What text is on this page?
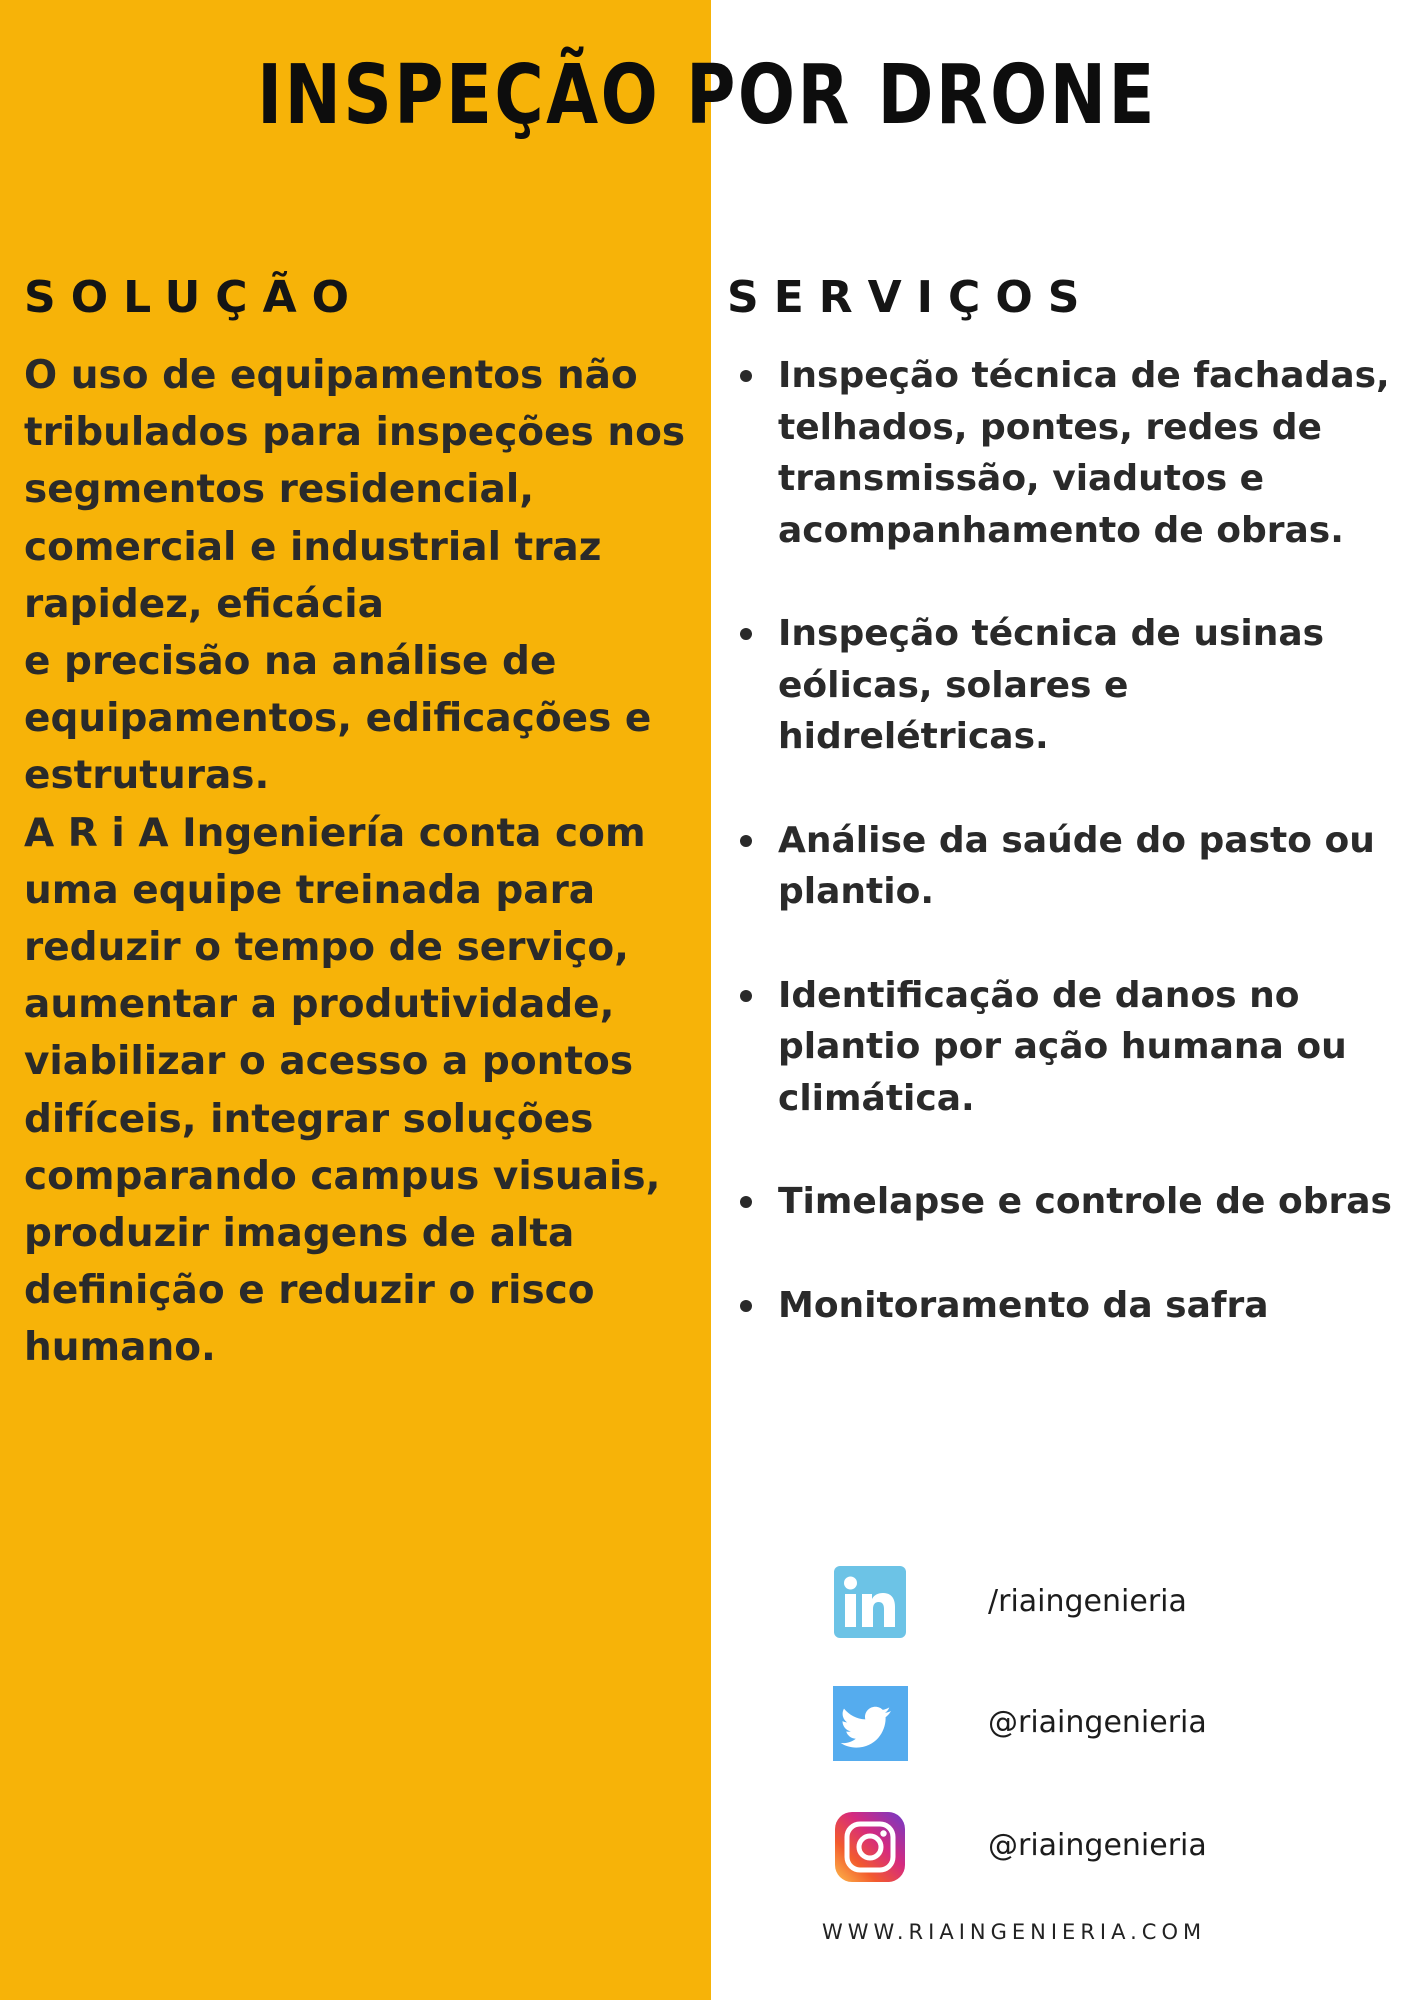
INSPEÇÃO POR DRONE
SOLUÇÃO	SERVIÇOS

O uso de equipamentos não tribulados para inspeções nos segmentos residencial, comercial e industrial traz rapidez, eficácia

e precisão na análise de equipamentos, edificações e estruturas.

A R i A Ingeniería conta com uma equipe treinada para reduzir o tempo de serviço, aumentar a produtividade, viabilizar o acesso a pontos difíceis, integrar soluções comparando campus visuais, produzir imagens de alta definição e reduzir o risco humano.

Inspeção técnica de fachadas, telhados, pontes, redes de transmissão, viadutos e acompanhamento de obras.
Inspeção técnica de usinas eólicas, solares e hidrelétricas.
Análise da saúde do pasto ou plantio.
Identificação de danos no plantio por ação humana ou climática.
Timelapse e controle de obras
Monitoramento da safra
/riaingenieria
@riaingenieria
@riaingenieria
WWW.RIAINGENIERIA.COM
